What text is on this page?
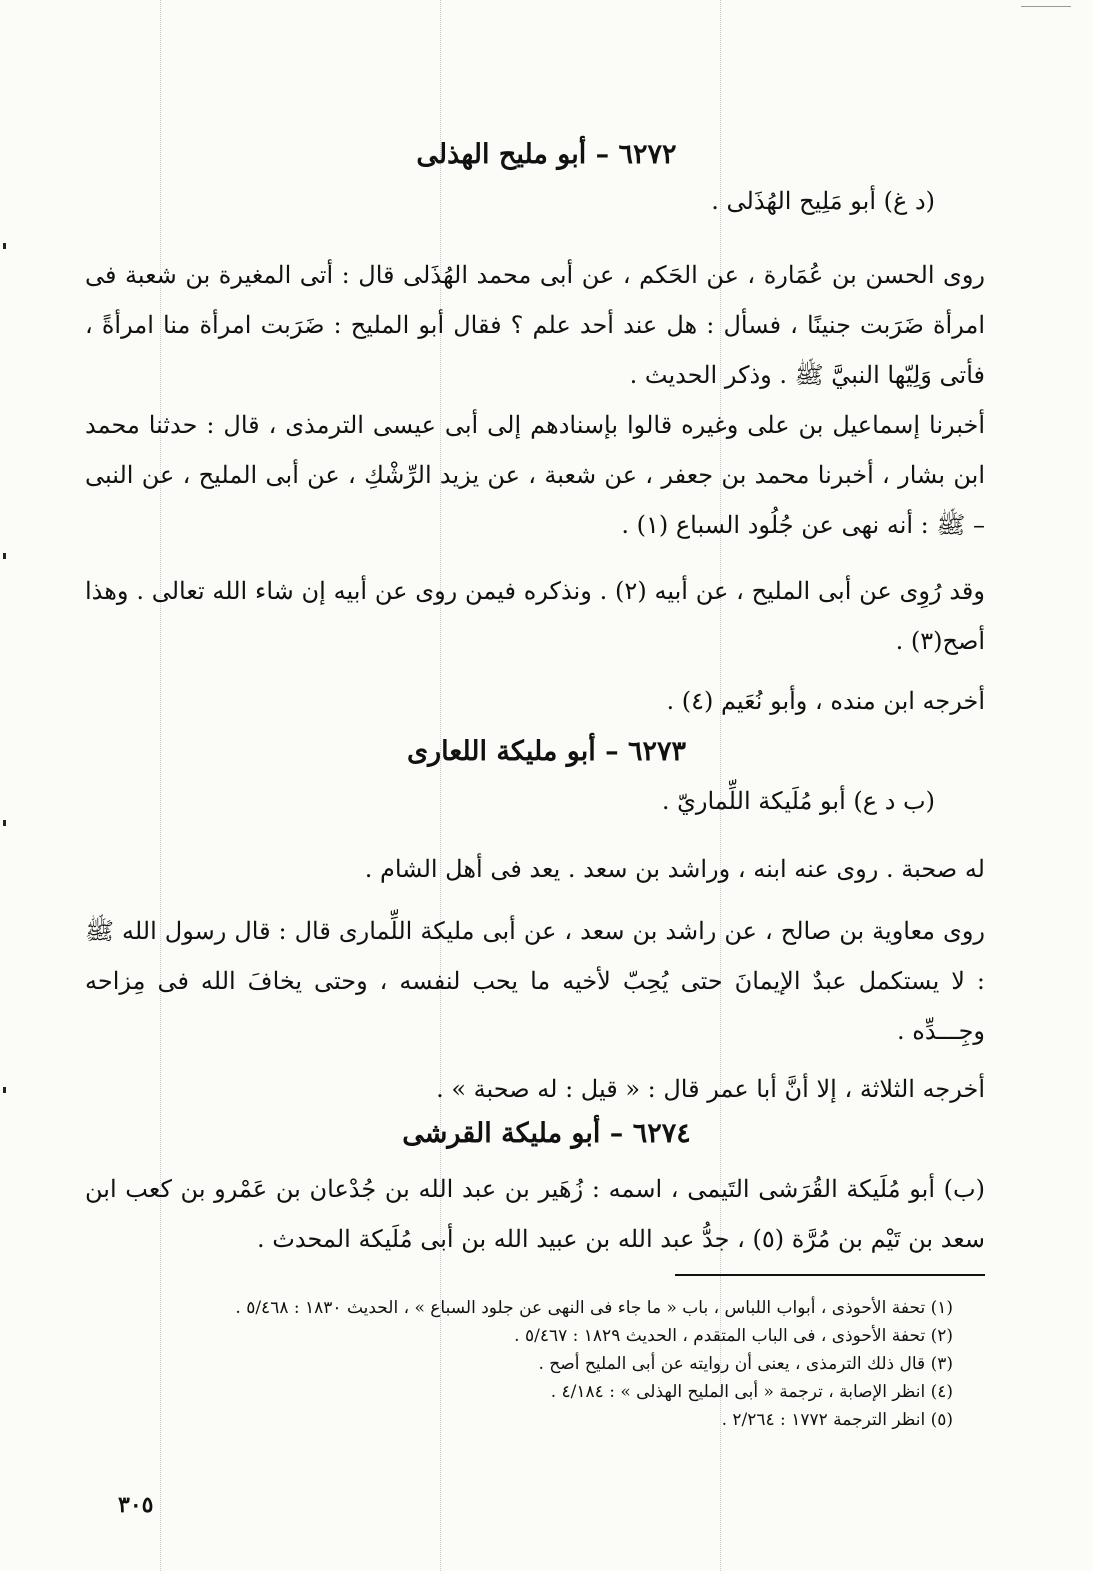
٦٢٧٢ – أبو مليح الهذلى
(د غ) أبو مَلِيح الهُذَلى .
روى الحسن بن عُمَارة ، عن الحَكم ، عن أبى محمد الهُذَلى قال : أتى المغيرة بن شعبة فى امرأة ضَرَبت جنينًا ، فسأل : هل عند أحد علم ؟ فقال أبو المليح : ضَرَبت امرأة منا امرأةً ، فأتى وَلِيّها النبيَّ ﷺ . وذكر الحديث .
أخبرنا إسماعيل بن على وغيره قالوا بإسنادهم إلى أبى عيسى الترمذى ، قال : حدثنا محمد ابن بشار ، أخبرنا محمد بن جعفر ، عن شعبة ، عن يزيد الرِّشْكِ ، عن أبى المليح ، عن النبى – ﷺ : أنه نهى عن جُلُود السباع (١) .
وقد رُوِى عن أبى المليح ، عن أبيه (٢) . ونذكره فيمن روى عن أبيه إن شاء الله تعالى . وهذا أصح(٣) .
أخرجه ابن منده ، وأبو نُعَيم (٤) .
٦٢٧٣ – أبو مليكة اللعارى
(ب د ع) أبو مُلَيكة اللِّماريّ .
له صحبة . روى عنه ابنه ، وراشد بن سعد . يعد فى أهل الشام .
روى معاوية بن صالح ، عن راشد بن سعد ، عن أبى مليكة اللِّمارى قال : قال رسول الله ﷺ : لا يستكمل عبدٌ الإيمانَ حتى يُحِبّ لأخيه ما يحب لنفسه ، وحتى يخافَ الله فى مِزاحه وجِـــدِّه .
أخرجه الثلاثة ، إلا أنَّ أبا عمر قال : « قيل : له صحبة » .
٦٢٧٤ – أبو مليكة القرشى
(ب) أبو مُلَيكة القُرَشى التَيمى ، اسمه : زُهَير بن عبد الله بن جُدْعان بن عَمْرو بن كعب ابن سعد بن تَيْم بن مُرَّة (٥) ، جدُّ عبد الله بن عبيد الله بن أبى مُلَيكة المحدث .
(١) تحفة الأحوذى ، أبواب اللباس ، باب « ما جاء فى النهى عن جلود السباع » ، الحديث ١٨٣٠ : ٥/٤٦٨ .
(٢) تحفة الأحوذى ، فى الباب المتقدم ، الحديث ١٨٢٩ : ٥/٤٦٧ .
(٣) قال ذلك الترمذى ، يعنى أن روايته عن أبى المليح أصح .
(٤) انظر الإصابة ، ترجمة « أبى المليح الهذلى » : ٤/١٨٤ .
(٥) انظر الترجمة ١٧٧٢ : ٢/٢٦٤ .
٣٠٥
